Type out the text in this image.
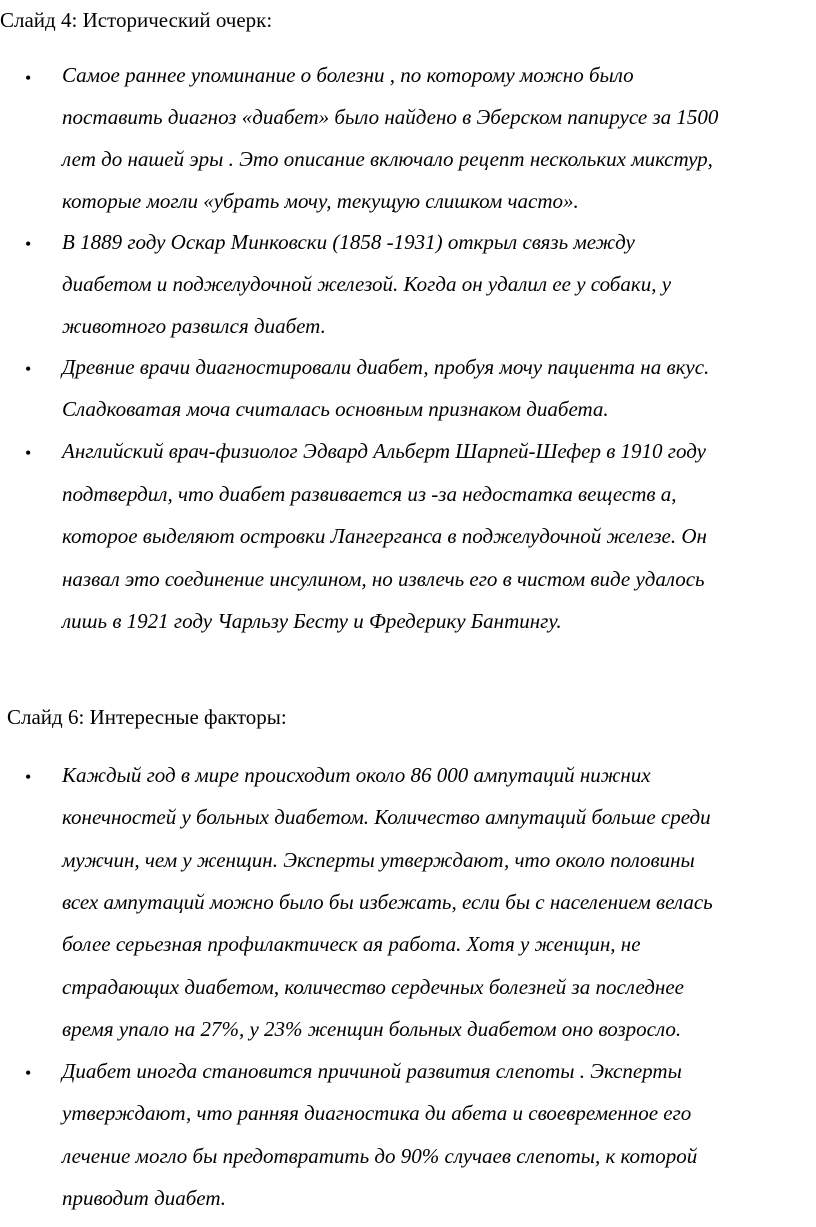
Слайд 4: Исторический очерк:
• Самое раннее упоминание о болезни , по которому можно было
поставить диагноз «диабет» было найдено в Эберском папирусе за 1500
лет до нашей эры . Это описание включало рецепт нескольких микстур,
которые могли «убрать мочу, текущую слишком часто».
• В 1889 году Оскар Минковски (1858 -1931) открыл связь между
диабетом и поджелудочной железой. Когда он удалил ее у собаки, у
животного развился диабет.
• Древние врачи диагностировали диабет, пробуя мочу пациента на вкус.
Сладковатая моча считалась основным признаком диабета.
• Английский врач-физиолог Эдвард Альберт Шарпей-Шефер в 1910 году
подтвердил, что диабет развивается из -за недостатка веществ а,
которое выделяют островки Лангерганса в поджелудочной железе. Он
назвал это соединение инсулином, но извлечь его в чистом виде удалось
лишь в 1921 году Чарльзу Бесту и Фредерику Бантингу.
Слайд 6: Интересные факторы:
• Каждый год в мире происходит около 86 000 ампутаций нижних
конечностей у больных диабетом. Количество ампутаций больше среди
мужчин, чем у женщин. Эксперты утверждают, что около половины
всех ампутаций можно было бы избежать, если бы с населением велась
более серьезная профилактическ ая работа. Хотя у женщин, не
страдающих диабетом, количество сердечных болезней за последнее
время упало на 27%, у 23% женщин больных диабетом оно возросло.
• Диабет иногда становится причиной развития слепоты . Эксперты
утверждают, что ранняя диагностика ди абета и своевременное его
лечение могло бы предотвратить до 90% случаев слепоты, к которой
приводит диабет.
